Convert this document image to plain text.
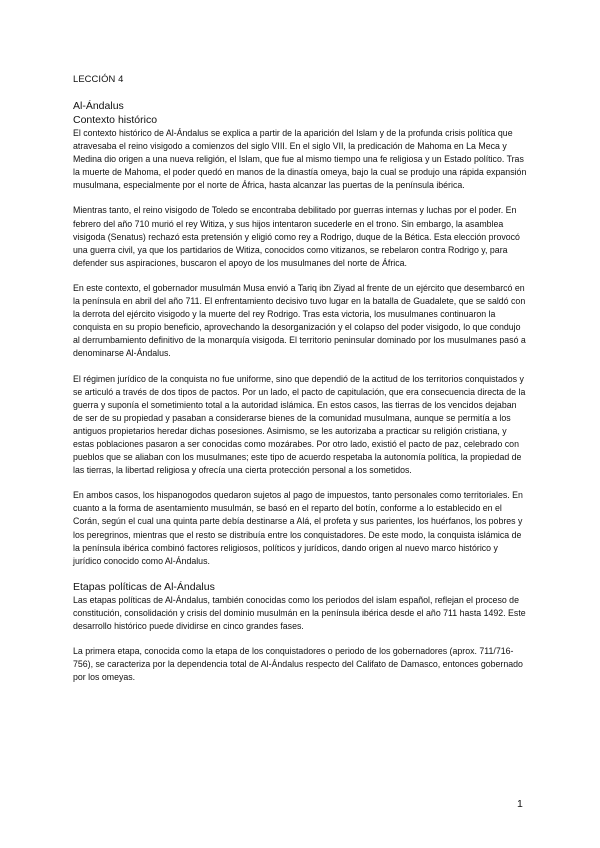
LECCIÓN 4
Al-Ándalus
Contexto histórico

El contexto histórico de Al-Ándalus se explica a partir de la aparición del Islam y de la profunda crisis política que atravesaba el reino visigodo a comienzos del siglo VIII. En el siglo VII, la predicación de Mahoma en La Meca y Medina dio origen a una nueva religión, el Islam, que fue al mismo tiempo una fe religiosa y un Estado político. Tras la muerte de Mahoma, el poder quedó en manos de la dinastía omeya, bajo la cual se produjo una rápida expansión musulmana, especialmente por el norte de África, hasta alcanzar las puertas de la península ibérica.

Mientras tanto, el reino visigodo de Toledo se encontraba debilitado por guerras internas y luchas por el poder. En febrero del año 710 murió el rey Witiza, y sus hijos intentaron sucederle en el trono. Sin embargo, la asamblea visigoda (Senatus) rechazó esta pretensión y eligió como rey a Rodrigo, duque de la Bética. Esta elección provocó una guerra civil, ya que los partidarios de Witiza, conocidos como vitizanos, se rebelaron contra Rodrigo y, para defender sus aspiraciones, buscaron el apoyo de los musulmanes del norte de África.

En este contexto, el gobernador musulmán Musa envió a Tariq ibn Ziyad al frente de un ejército que desembarcó en la península en abril del año 711. El enfrentamiento decisivo tuvo lugar en la batalla de Guadalete, que se saldó con la derrota del ejército visigodo y la muerte del rey Rodrigo. Tras esta victoria, los musulmanes continuaron la conquista en su propio beneficio, aprovechando la desorganización y el colapso del poder visigodo, lo que condujo al derrumbamiento definitivo de la monarquía visigoda. El territorio peninsular dominado por los musulmanes pasó a denominarse Al-Ándalus.

El régimen jurídico de la conquista no fue uniforme, sino que dependió de la actitud de los territorios conquistados y se articuló a través de dos tipos de pactos. Por un lado, el pacto de capitulación, que era consecuencia directa de la guerra y suponía el sometimiento total a la autoridad islámica. En estos casos, las tierras de los vencidos dejaban de ser de su propiedad y pasaban a considerarse bienes de la comunidad musulmana, aunque se permitía a los antiguos propietarios heredar dichas posesiones. Asimismo, se les autorizaba a practicar su religión cristiana, y estas poblaciones pasaron a ser conocidas como mozárabes. Por otro lado, existió el pacto de paz, celebrado con pueblos que se aliaban con los musulmanes; este tipo de acuerdo respetaba la autonomía política, la propiedad de las tierras, la libertad religiosa y ofrecía una cierta protección personal a los sometidos.

En ambos casos, los hispanogodos quedaron sujetos al pago de impuestos, tanto personales como territoriales. En cuanto a la forma de asentamiento musulmán, se basó en el reparto del botín, conforme a lo establecido en el Corán, según el cual una quinta parte debía destinarse a Alá, el profeta y sus parientes, los huérfanos, los pobres y los peregrinos, mientras que el resto se distribuía entre los conquistadores. De este modo, la conquista islámica de la península ibérica combinó factores religiosos, políticos y jurídicos, dando origen al nuevo marco histórico y jurídico conocido como Al-Ándalus.

Etapas políticas de Al-Ándalus

Las etapas políticas de Al-Ándalus, también conocidas como los periodos del islam español, reflejan el proceso de constitución, consolidación y crisis del dominio musulmán en la península ibérica desde el año 711 hasta 1492. Este desarrollo histórico puede dividirse en cinco grandes fases.

La primera etapa, conocida como la etapa de los conquistadores o periodo de los gobernadores (aprox. 711/716-756), se caracteriza por la dependencia total de Al-Ándalus respecto del Califato de Damasco, entonces gobernado por los omeyas.

1
